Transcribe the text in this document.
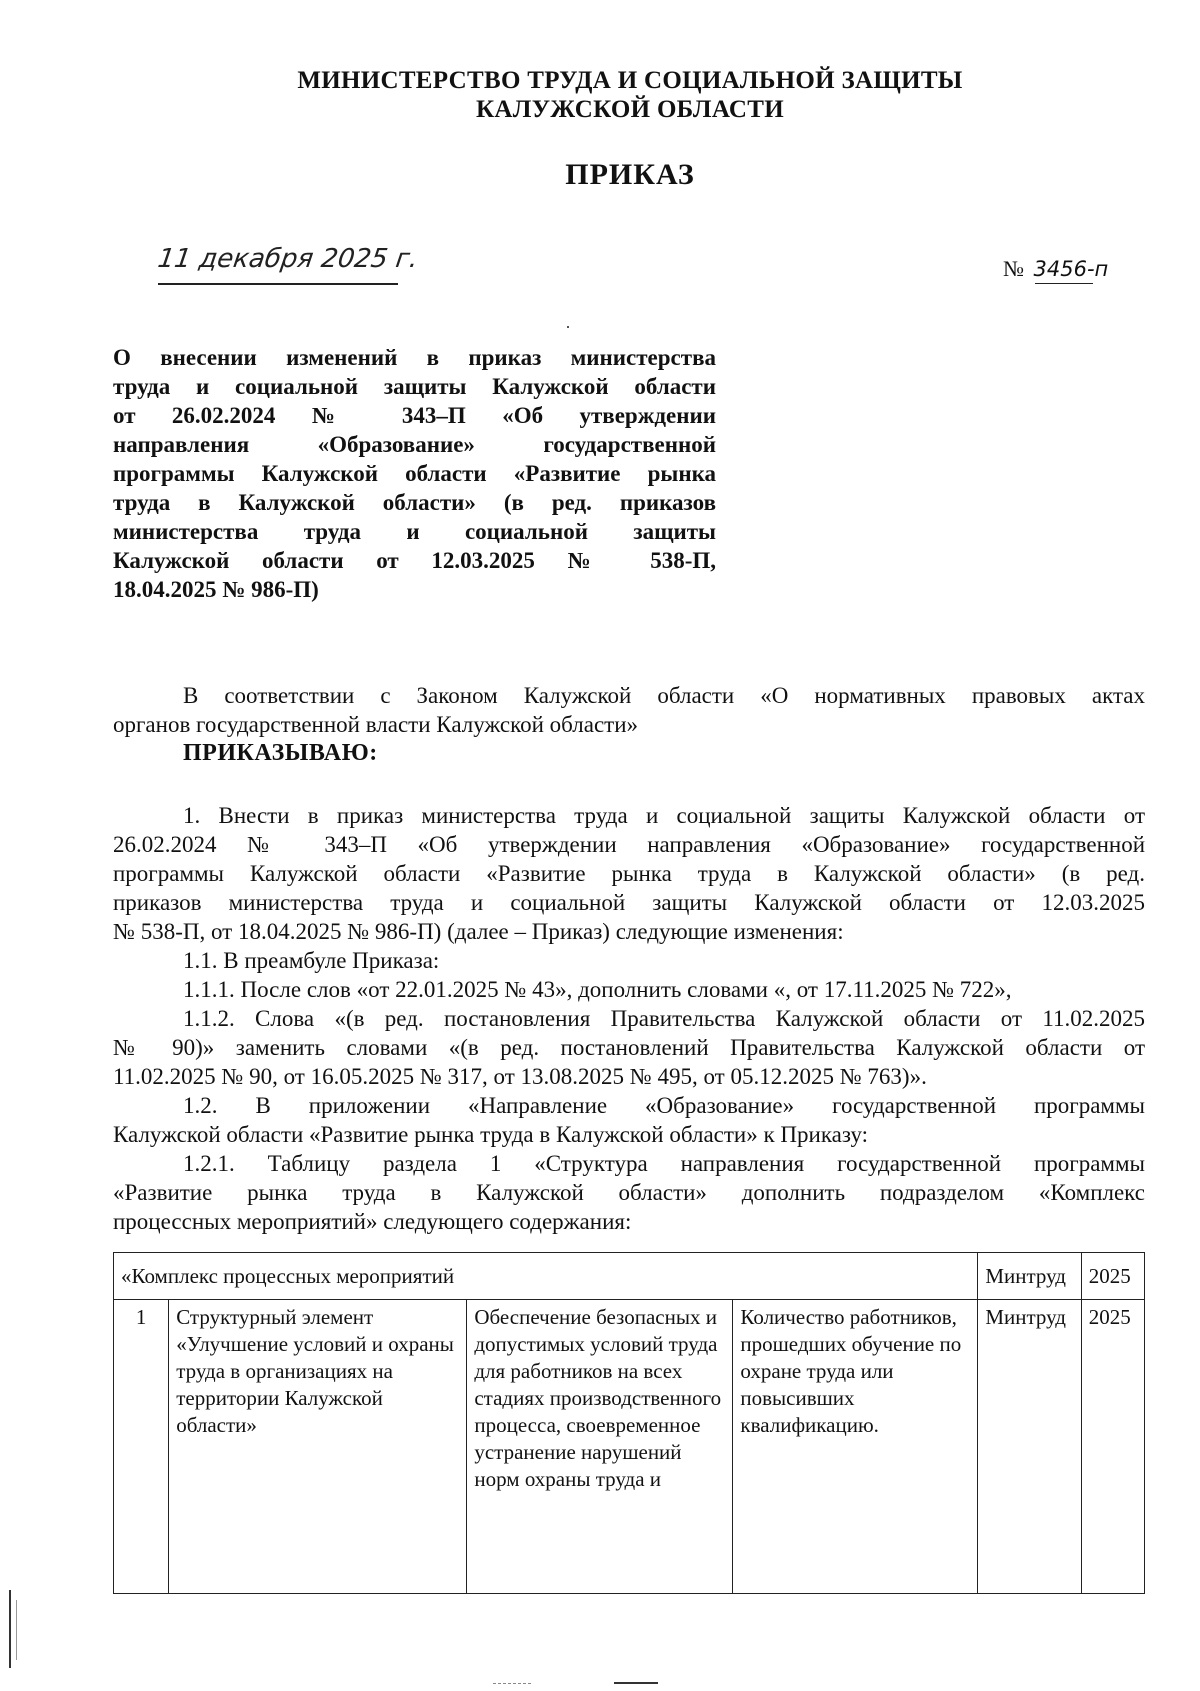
МИНИСТЕРСТВО ТРУДА И СОЦИАЛЬНОЙ ЗАЩИТЫ
КАЛУЖСКОЙ ОБЛАСТИ
ПРИКАЗ
11 декабря 2025 г.	№ 3456-п
О внесении изменений в приказ министерства
труда и социальной защиты Калужской области
от 26.02.2024 № 343–П «Об утверждении
направления «Образование» государственной
программы Калужской области «Развитие рынка
труда в Калужской области» (в ред. приказов
министерства труда и социальной защиты
Калужской области от 12.03.2025 № 538-П,
18.04.2025 № 986-П)
В соответствии с Законом Калужской области «О нормативных правовых актах
органов государственной власти Калужской области»
ПРИКАЗЫВАЮ:
1. Внести в приказ министерства труда и социальной защиты Калужской области от
26.02.2024 № 343–П «Об утверждении направления «Образование» государственной
программы Калужской области «Развитие рынка труда в Калужской области» (в ред.
приказов министерства труда и социальной защиты Калужской области от 12.03.2025
№ 538-П, от 18.04.2025 № 986-П) (далее – Приказ) следующие изменения:
1.1. В преамбуле Приказа:
1.1.1. После слов «от 22.01.2025 № 43», дополнить словами «, от 17.11.2025 № 722»,
1.1.2. Слова «(в ред. постановления Правительства Калужской области от 11.02.2025
№ 90)» заменить словами «(в ред. постановлений Правительства Калужской области от
11.02.2025 № 90, от 16.05.2025 № 317, от 13.08.2025 № 495, от 05.12.2025 № 763)».
1.2. В приложении «Направление «Образование» государственной программы
Калужской области «Развитие рынка труда в Калужской области» к Приказу:
1.2.1. Таблицу раздела 1 «Структура направления государственной программы
«Развитие рынка труда в Калужской области» дополнить подразделом «Комплекс
процессных мероприятий» следующего содержания:
«Комплекс процессных мероприятий				Минтруд	2025
1	Структурный элемент «Улучшение условий и охраны труда в организациях на территории Калужской области»	Обеспечение безопасных и допустимых условий труда для работников на всех стадиях производственного процесса, своевременное устранение нарушений норм охраны труда и	Количество работников, прошедших обучение по охране труда или повысивших квалификацию.	Минтруд	2025
